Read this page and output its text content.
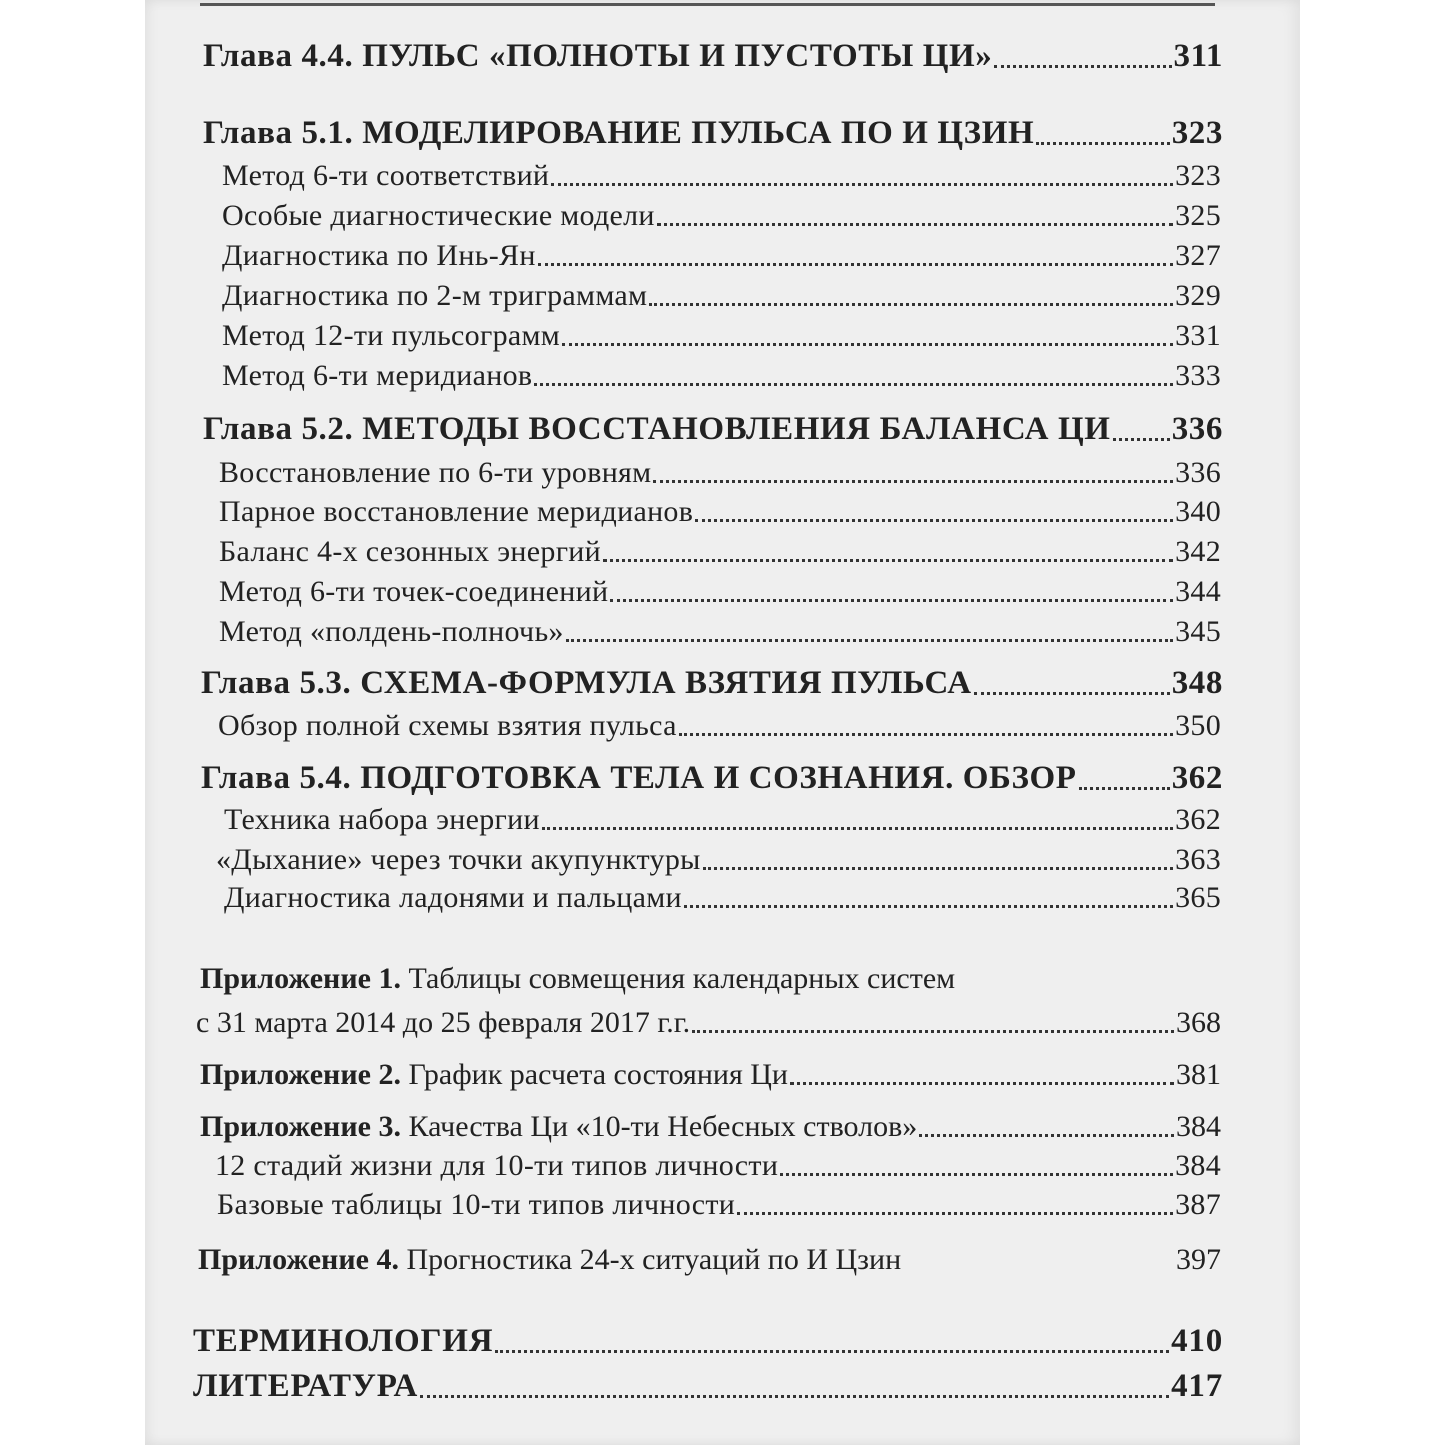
Глава 4.4. ПУЛЬС «ПОЛНОТЫ И ПУСТОТЫ ЦИ»	311
Глава 5.1. МОДЕЛИРОВАНИЕ ПУЛЬСА ПО И ЦЗИН	323
Метод 6-ти соответствий	323
Особые диагностические модели	325
Диагностика по Инь-Ян	327
Диагностика по 2-м триграммам	329
Метод 12-ти пульсограмм	331
Метод 6-ти меридианов	333
Глава 5.2. МЕТОДЫ ВОССТАНОВЛЕНИЯ БАЛАНСА ЦИ 336
Восстановление по 6-ти уровням	336
Парное восстановление меридианов	340
Баланс 4-х сезонных энергий	342
Метод 6-ти точек-соединений	344
Метод «полдень-полночь»	345
Глава 5.3. СХЕМА-ФОРМУЛА ВЗЯТИЯ ПУЛЬСА	348
Обзор полной схемы взятия пульса	350
Глава 5.4. ПОДГОТОВКА ТЕЛА И СОЗНАНИЯ. ОБЗОР	362
Техника набора энергии	362
«Дыхание» через точки акупунктуры	363
Диагностика ладонями и пальцами	365
Приложение 1. Таблицы совмещения календарных систем
с 31 марта 2014 до 25 февраля 2017 г.г.	368
Приложение 2. График расчета состояния Ци	381
Приложение 3. Качества Ци «10-ти Небесных стволов»	384
12 стадий жизни для 10-ти типов личности	384
Базовые таблицы 10-ти типов личности	387
Приложение 4. Прогностика 24-х ситуаций по И Цзин	397
ТЕРМИНОЛОГИЯ	410
ЛИТЕРАТУРА	417
